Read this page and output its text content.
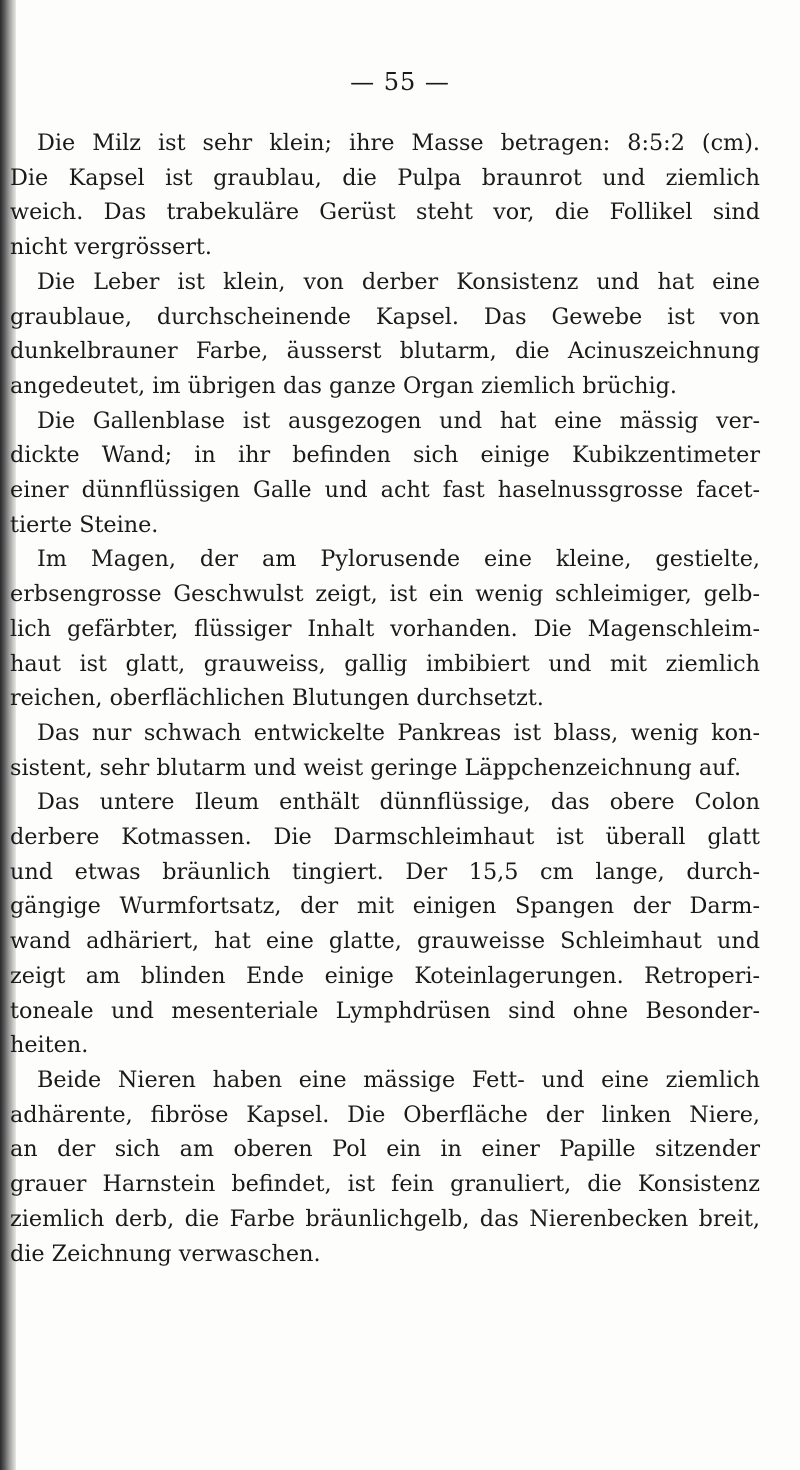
— 55 —
Die Milz ist sehr klein; ihre Masse betragen: 8:5:2 (cm).
Die Kapsel ist graublau, die Pulpa braunrot und ziemlich
weich. Das trabekuläre Gerüst steht vor, die Follikel sind
nicht vergrössert.
Die Leber ist klein, von derber Konsistenz und hat eine
graublaue, durchscheinende Kapsel. Das Gewebe ist von
dunkelbrauner Farbe, äusserst blutarm, die Acinuszeichnung
angedeutet, im übrigen das ganze Organ ziemlich brüchig.
Die Gallenblase ist ausgezogen und hat eine mässig ver-
dickte Wand; in ihr befinden sich einige Kubikzentimeter
einer dünnflüssigen Galle und acht fast haselnussgrosse facet-
tierte Steine.
Im Magen, der am Pylorusende eine kleine, gestielte,
erbsengrosse Geschwulst zeigt, ist ein wenig schleimiger, gelb-
lich gefärbter, flüssiger Inhalt vorhanden. Die Magenschleim-
haut ist glatt, grauweiss, gallig imbibiert und mit ziemlich
reichen, oberflächlichen Blutungen durchsetzt.
Das nur schwach entwickelte Pankreas ist blass, wenig kon-
sistent, sehr blutarm und weist geringe Läppchenzeichnung auf.
Das untere Ileum enthält dünnflüssige, das obere Colon
derbere Kotmassen. Die Darmschleimhaut ist überall glatt
und etwas bräunlich tingiert. Der 15,5 cm lange, durch-
gängige Wurmfortsatz, der mit einigen Spangen der Darm-
wand adhäriert, hat eine glatte, grauweisse Schleimhaut und
zeigt am blinden Ende einige Koteinlagerungen. Retroperi-
toneale und mesenteriale Lymphdrüsen sind ohne Besonder-
heiten.
Beide Nieren haben eine mässige Fett- und eine ziemlich
adhärente, fibröse Kapsel. Die Oberfläche der linken Niere,
an der sich am oberen Pol ein in einer Papille sitzender
grauer Harnstein befindet, ist fein granuliert, die Konsistenz
ziemlich derb, die Farbe bräunlichgelb, das Nierenbecken breit,
die Zeichnung verwaschen.
